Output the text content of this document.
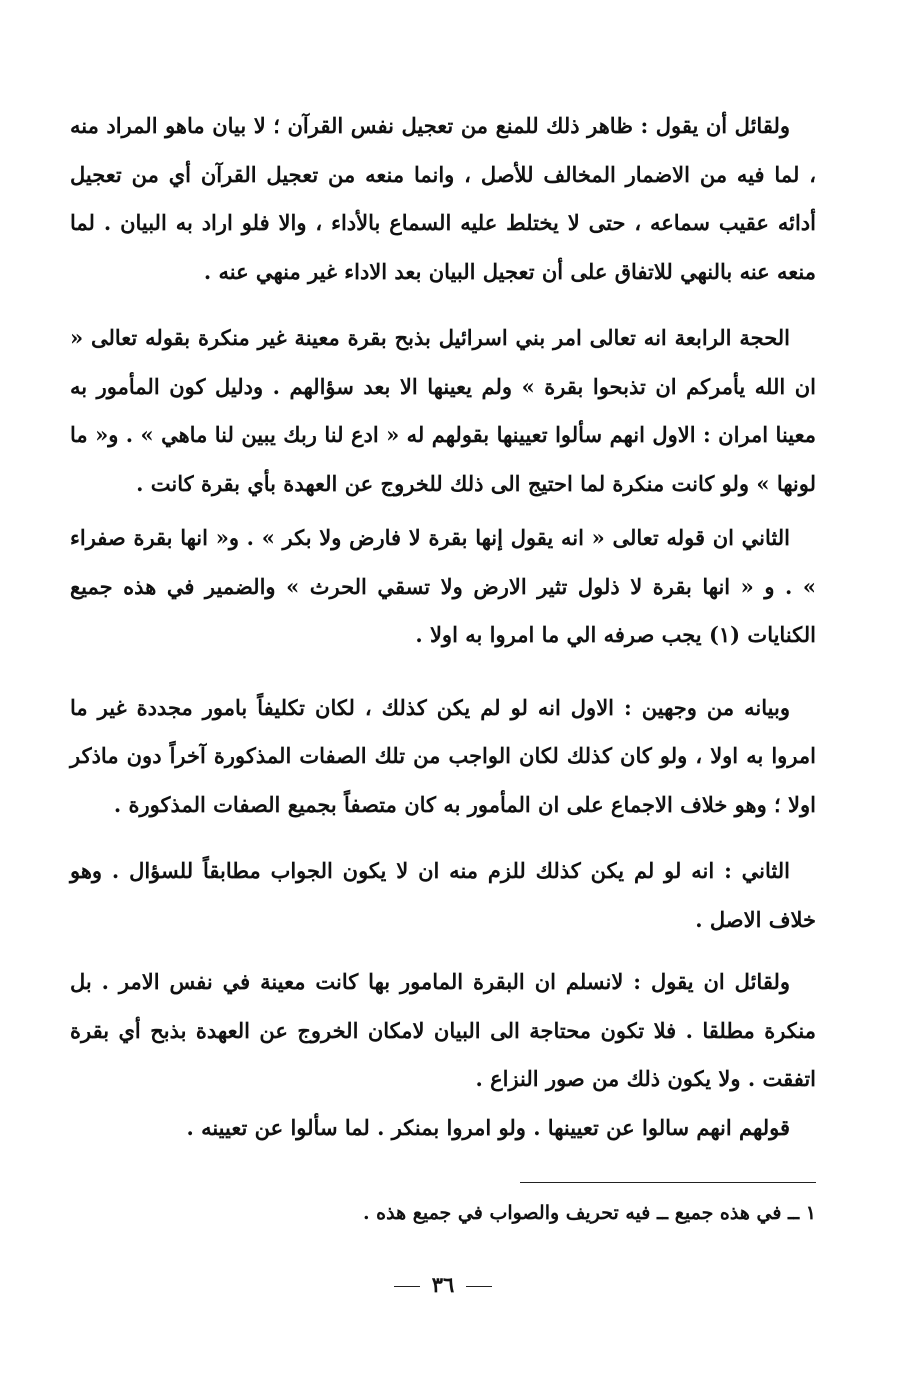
ولقائل أن يقول : ظاهر ذلك للمنع من تعجيل نفس القرآن ؛ لا بيان ماهو المراد منه ، لما فيه من الاضمار المخالف للأصل ، وانما منعه من تعجيل القرآن أي من تعجيل أدائه عقيب سماعه ، حتى لا يختلط عليه السماع بالأداء ، والا فلو اراد به البيان . لما منعه عنه بالنهي للاتفاق على أن تعجيل البيان بعد الاداء غير منهي عنه .

الحجة الرابعة انه تعالى امر بني اسرائيل بذبح بقرة معينة غير منكرة بقوله تعالى « ان الله يأمركم ان تذبحوا بقرة » ولم يعينها الا بعد سؤالهم . ودليل كون المأمور به معينا امران : الاول انهم سألوا تعيينها بقولهم له « ادع لنا ربك يبين لنا ماهي » . و« ما لونها » ولو كانت منكرة لما احتيج الى ذلك للخروج عن العهدة بأي بقرة كانت .

الثاني ان قوله تعالى « انه يقول إنها بقرة لا فارض ولا بكر » . و« انها بقرة صفراء » . و « انها بقرة لا ذلول تثير الارض ولا تسقي الحرث » والضمير في هذه جميع الكنايات (١) يجب صرفه الي ما امروا به اولا .

وبيانه من وجهين : الاول انه لو لم يكن كذلك ، لكان تكليفاً بامور مجددة غير ما امروا به اولا ، ولو كان كذلك لكان الواجب من تلك الصفات المذكورة آخراً دون ماذكر اولا ؛ وهو خلاف الاجماع على ان المأمور به كان متصفاً بجميع الصفات المذكورة .

الثاني : انه لو لم يكن كذلك للزم منه ان لا يكون الجواب مطابقاً للسؤال . وهو خلاف الاصل .

ولقائل ان يقول : لانسلم ان البقرة المامور بها كانت معينة في نفس الامر . بل منكرة مطلقا . فلا تكون محتاجة الى البيان لامكان الخروج عن العهدة بذبح أي بقرة اتفقت . ولا يكون ذلك من صور النزاع .

قولهم انهم سالوا عن تعيينها . ولو امروا بمنكر . لما سألوا عن تعيينه .

١ ــ في هذه جميع ــ فيه تحريف والصواب في جميع هذه .

٣٦
